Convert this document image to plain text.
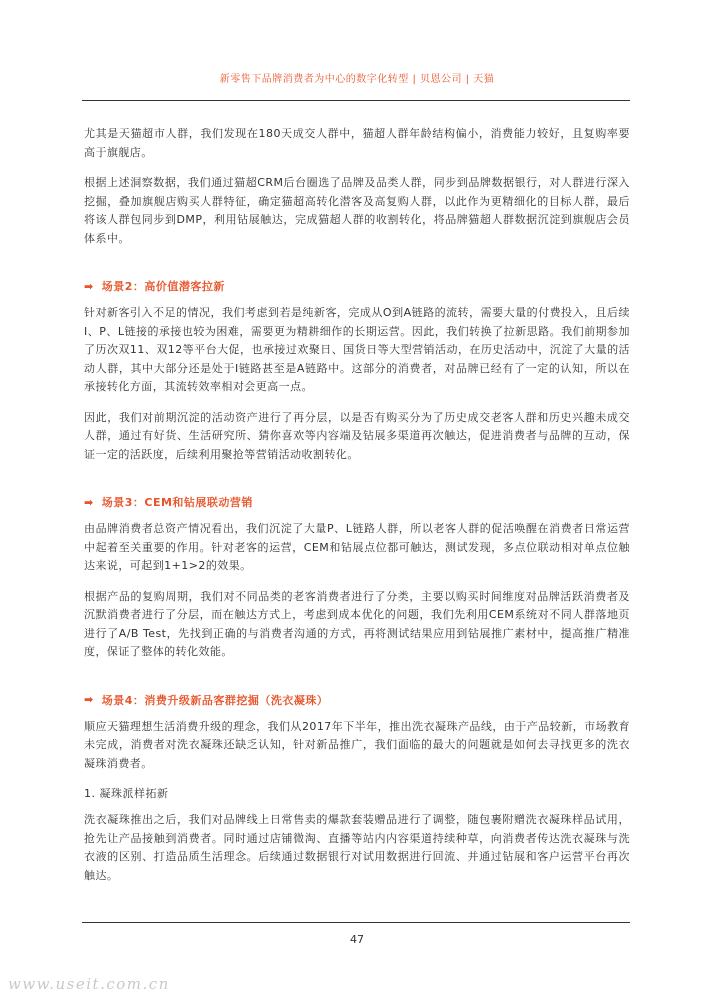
新零售下品牌消费者为中心的数字化转型 | 贝恩公司 | 天猫

尤其是天猫超市人群，我们发现在180天成交人群中，猫超人群年龄结构偏小，消费能力较好，且复购率要高于旗舰店。

根据上述洞察数据，我们通过猫超CRM后台圈选了品牌及品类人群，同步到品牌数据银行，对人群进行深入挖掘，叠加旗舰店购买人群特征，确定猫超高转化潜客及高复购人群，以此作为更精细化的目标人群，最后将该人群包同步到DMP，利用钻展触达，完成猫超人群的收割转化，将品牌猫超人群数据沉淀到旗舰店会员体系中。

➡ 场景2：高价值潜客拉新

针对新客引入不足的情况，我们考虑到若是纯新客，完成从O到A链路的流转，需要大量的付费投入，且后续I、P、L链接的承接也较为困难，需要更为精耕细作的长期运营。因此，我们转换了拉新思路。我们前期参加了历次双11、双12等平台大促，也承接过欢聚日、国货日等大型营销活动，在历史活动中，沉淀了大量的活动人群，其中大部分还是处于I链路甚至是A链路中。这部分的消费者，对品牌已经有了一定的认知，所以在承接转化方面，其流转效率相对会更高一点。

因此，我们对前期沉淀的活动资产进行了再分层，以是否有购买分为了历史成交老客人群和历史兴趣未成交人群，通过有好货、生活研究所、猜你喜欢等内容端及钻展多渠道再次触达，促进消费者与品牌的互动，保证一定的活跃度，后续利用聚抢等营销活动收割转化。

➡ 场景3：CEM和钻展联动营销

由品牌消费者总资产情况看出，我们沉淀了大量P、L链路人群，所以老客人群的促活唤醒在消费者日常运营中起着至关重要的作用。针对老客的运营，CEM和钻展点位都可触达，测试发现，多点位联动相对单点位触达来说，可起到1+1>2的效果。

根据产品的复购周期，我们对不同品类的老客消费者进行了分类，主要以购买时间维度对品牌活跃消费者及沉默消费者进行了分层，而在触达方式上，考虑到成本优化的问题，我们先利用CEM系统对不同人群落地页进行了A/B Test，先找到正确的与消费者沟通的方式，再将测试结果应用到钻展推广素材中，提高推广精准度，保证了整体的转化效能。

➡ 场景4：消费升级新品客群挖掘（洗衣凝珠）

顺应天猫理想生活消费升级的理念，我们从2017年下半年，推出洗衣凝珠产品线，由于产品较新，市场教育未完成，消费者对洗衣凝珠还缺乏认知，针对新品推广，我们面临的最大的问题就是如何去寻找更多的洗衣凝珠消费者。

1. 凝珠派样拓新

洗衣凝珠推出之后，我们对品牌线上日常售卖的爆款套装赠品进行了调整，随包裹附赠洗衣凝珠样品试用，抢先让产品接触到消费者。同时通过店铺微淘、直播等站内内容渠道持续种草，向消费者传达洗衣凝珠与洗衣液的区别、打造品质生活理念。后续通过数据银行对试用数据进行回流、并通过钻展和客户运营平台再次触达。

47
www.useit.com.cn
